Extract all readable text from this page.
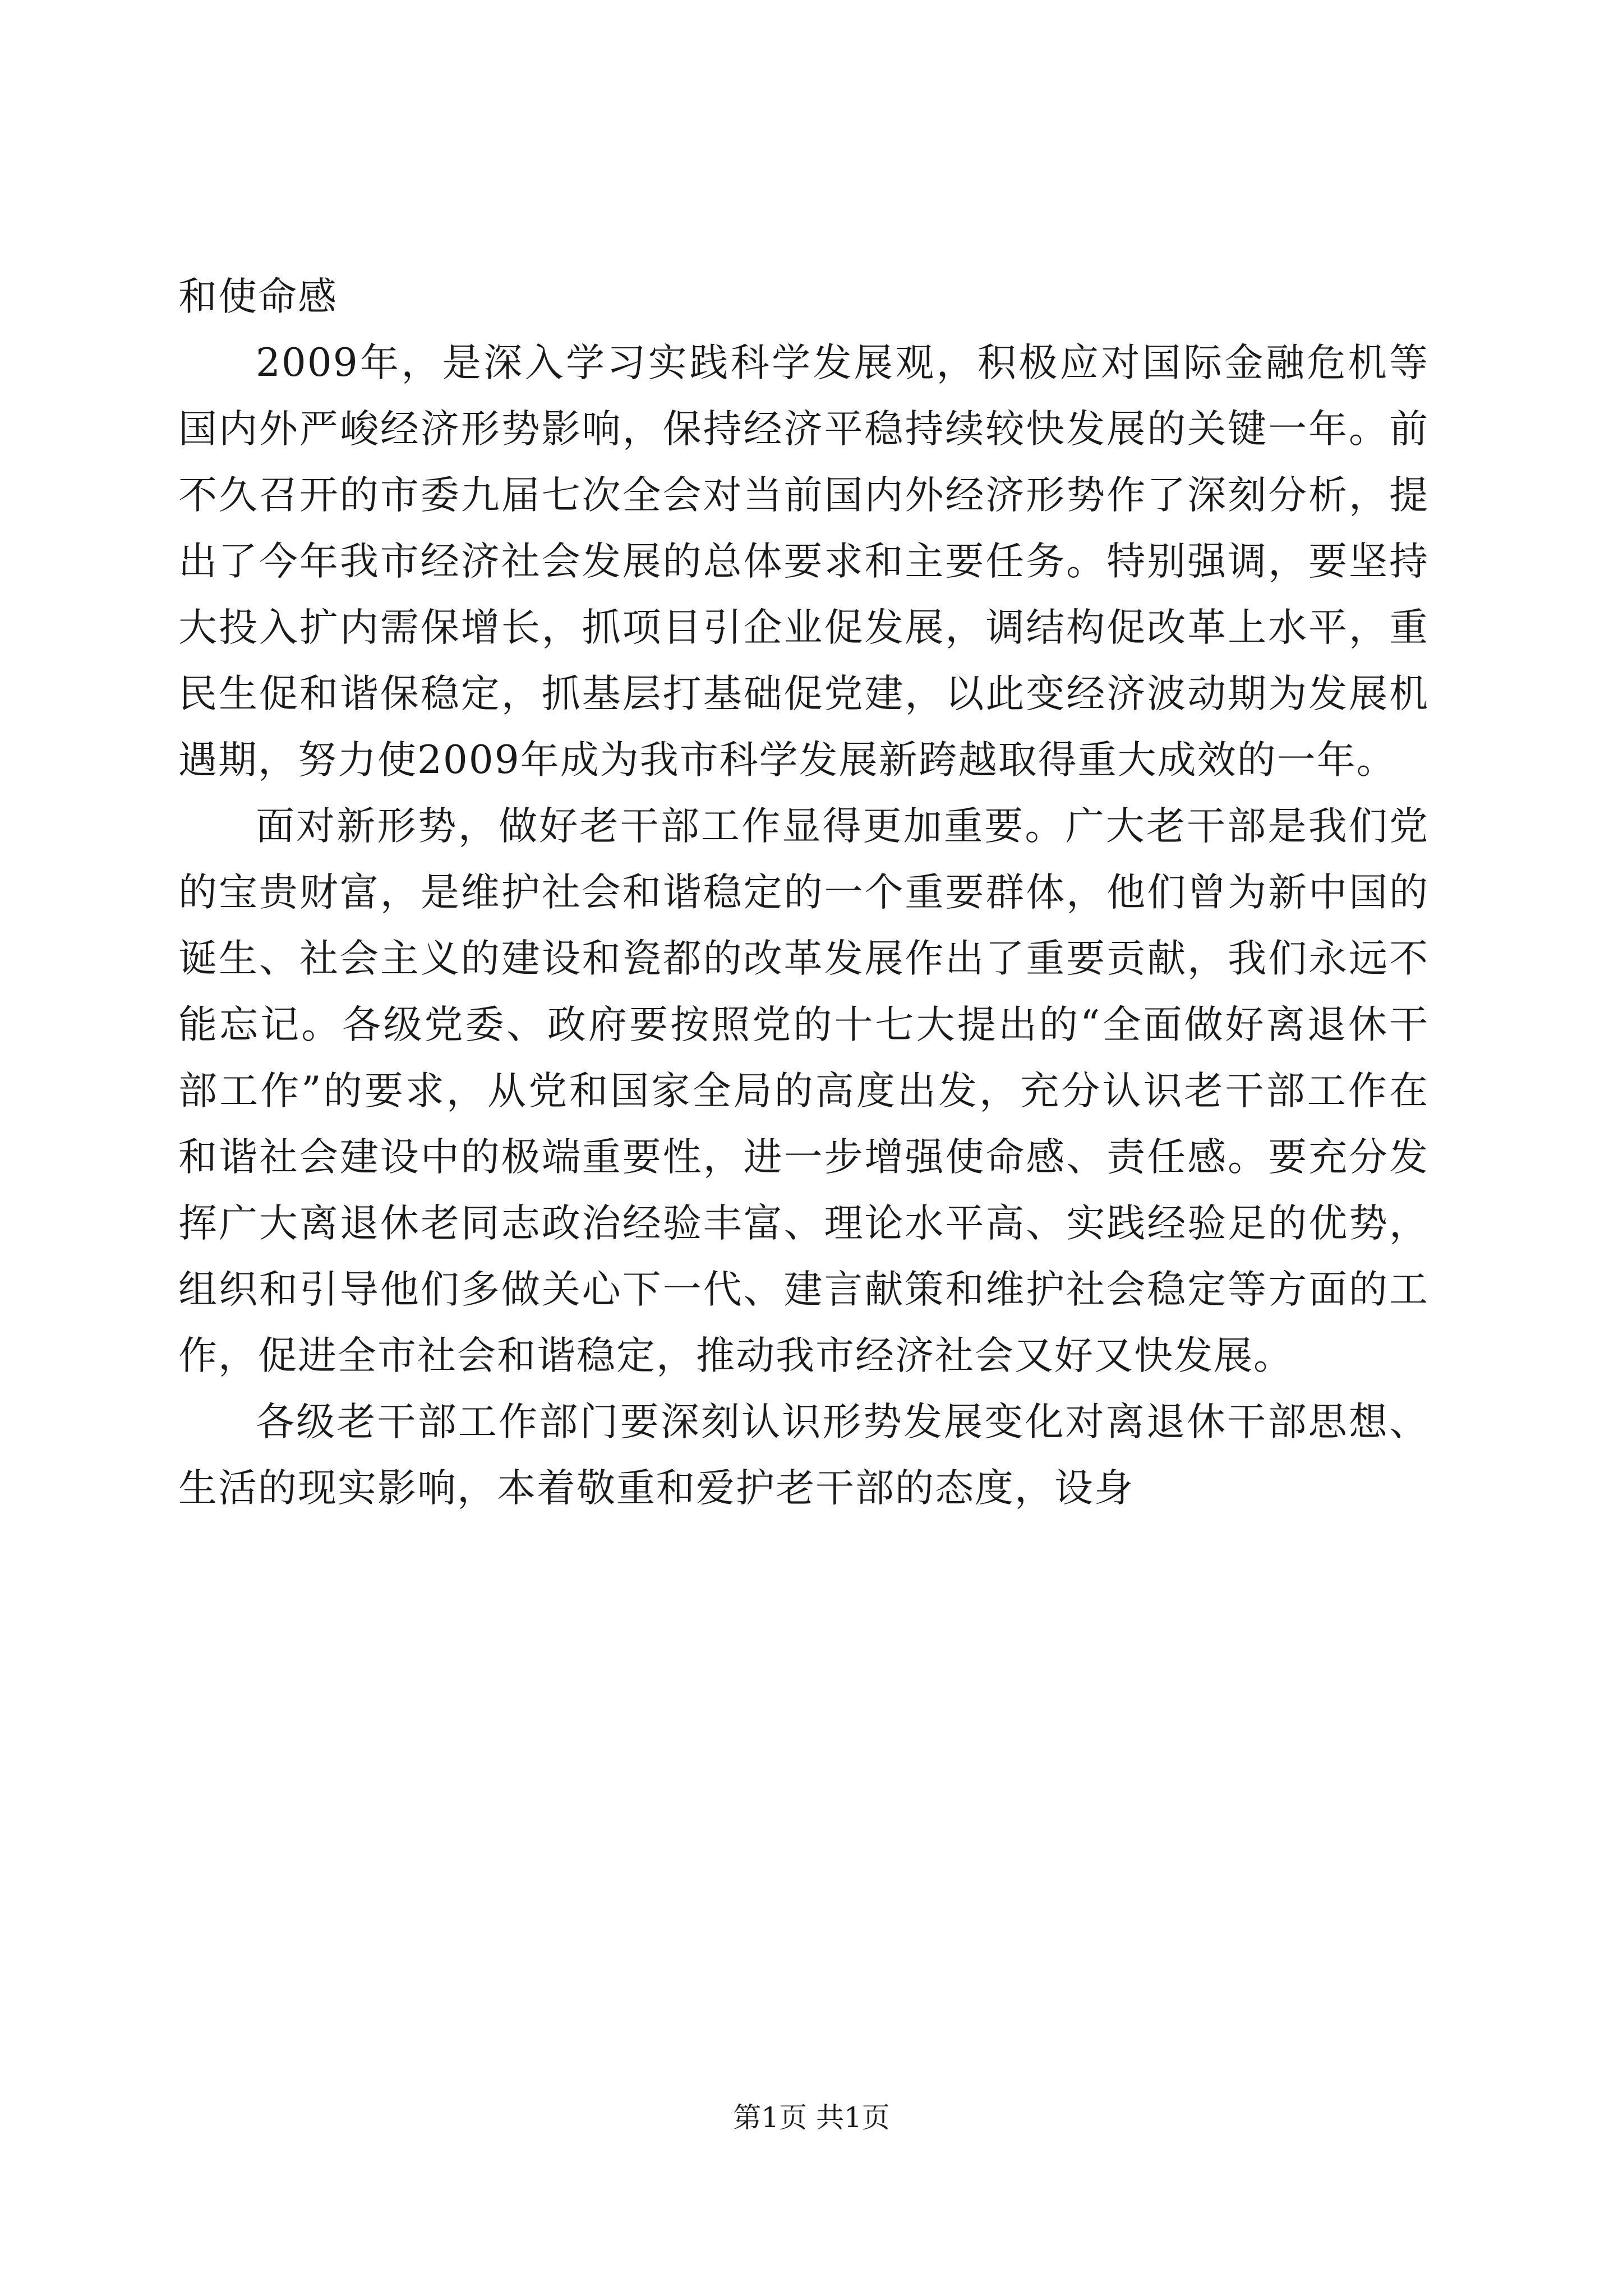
和使命感

2009年，是深入学习实践科学发展观，积极应对国际金融危机等国内外严峻经济形势影响，保持经济平稳持续较快发展的关键一年。前不久召开的市委九届七次全会对当前国内外经济形势作了深刻分析，提出了今年我市经济社会发展的总体要求和主要任务。特别强调，要坚持大投入扩内需保增长，抓项目引企业促发展，调结构促改革上水平，重民生促和谐保稳定，抓基层打基础促党建，以此变经济波动期为发展机遇期，努力使2009年成为我市科学发展新跨越取得重大成效的一年。

面对新形势，做好老干部工作显得更加重要。广大老干部是我们党的宝贵财富，是维护社会和谐稳定的一个重要群体，他们曾为新中国的诞生、社会主义的建设和瓷都的改革发展作出了重要贡献，我们永远不能忘记。各级党委、政府要按照党的十七大提出的“全面做好离退休干部工作”的要求，从党和国家全局的高度出发，充分认识老干部工作在和谐社会建设中的极端重要性，进一步增强使命感、责任感。要充分发挥广大离退休老同志政治经验丰富、理论水平高、实践经验足的优势，组织和引导他们多做关心下一代、建言献策和维护社会稳定等方面的工作，促进全市社会和谐稳定，推动我市经济社会又好又快发展。

各级老干部工作部门要深刻认识形势发展变化对离退休干部思想、生活的现实影响，本着敬重和爱护老干部的态度，设身

第1页 共1页
